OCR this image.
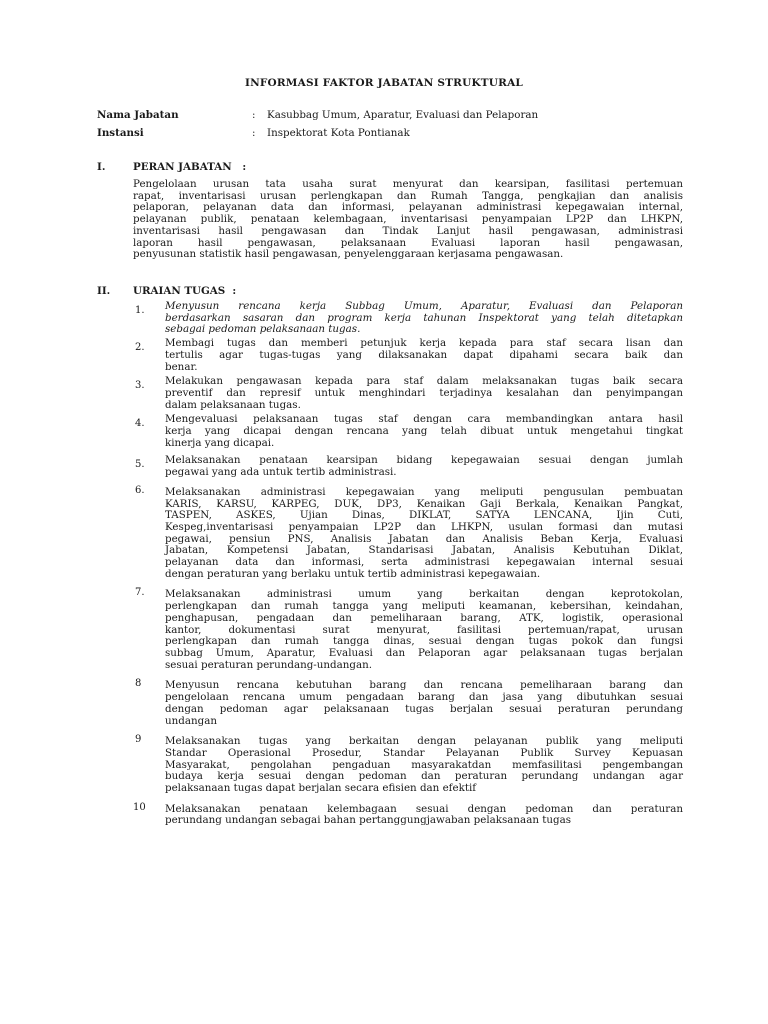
INFORMASI FAKTOR JABATAN STRUKTURAL
Nama Jabatan	: Kasubbag Umum, Aparatur, Evaluasi dan Pelaporan
Instansi	: Inspektorat Kota Pontianak
I.	PERAN JABATAN   :
Pengelolaan urusan tata usaha surat menyurat dan kearsipan, fasilitasi pertemuan
rapat, inventarisasi urusan perlengkapan dan Rumah Tangga, pengkajian dan analisis
pelaporan, pelayanan data dan informasi, pelayanan administrasi kepegawaian internal,
pelayanan publik, penataan kelembagaan, inventarisasi penyampaian LP2P dan LHKPN,
inventarisasi hasil pengawasan dan Tindak Lanjut hasil pengawasan, administrasi
laporan hasil pengawasan, pelaksanaan Evaluasi laporan hasil pengawasan,
penyusunan statistik hasil pengawasan, penyelenggaraan kerjasama pengawasan.
II. URAIAN TUGAS  :
1. Menyusun rencana kerja Subbag Umum, Aparatur, Evaluasi dan Pelaporan
berdasarkan sasaran dan program kerja tahunan Inspektorat yang telah ditetapkan
sebagai pedoman pelaksanaan tugas.
2. Membagi tugas dan memberi petunjuk kerja kepada para staf secara lisan dan
tertulis agar tugas-tugas yang dilaksanakan dapat dipahami secara baik dan
benar.
3. Melakukan pengawasan kepada para staf dalam melaksanakan tugas baik secara
preventif dan represif untuk menghindari terjadinya kesalahan dan penyimpangan
dalam pelaksanaan tugas.
4. Mengevaluasi pelaksanaan tugas staf dengan cara membandingkan antara hasil
kerja yang dicapai dengan rencana yang telah dibuat untuk mengetahui tingkat
kinerja yang dicapai.
5. Melaksanakan penataan kearsipan bidang kepegawaian sesuai dengan jumlah
pegawai yang ada untuk tertib administrasi.
6. Melaksanakan administrasi kepegawaian yang meliputi pengusulan pembuatan
KARIS, KARSU, KARPEG, DUK, DP3, Kenaikan Gaji Berkala, Kenaikan Pangkat,
TASPEN, ASKES, Ujian Dinas, DIKLAT, SATYA LENCANA, Ijin Cuti,
Kespeg,inventarisasi penyampaian LP2P dan LHKPN, usulan formasi dan mutasi
pegawai, pensiun PNS, Analisis Jabatan dan Analisis Beban Kerja, Evaluasi
Jabatan, Kompetensi Jabatan, Standarisasi Jabatan, Analisis Kebutuhan Diklat,
pelayanan data dan informasi, serta administrasi kepegawaian internal sesuai
dengan peraturan yang berlaku untuk tertib administrasi kepegawaian.
7. Melaksanakan administrasi umum yang berkaitan dengan keprotokolan,
perlengkapan dan rumah tangga yang meliputi keamanan, kebersihan, keindahan,
penghapusan, pengadaan dan pemeliharaan barang, ATK, logistik, operasional
kantor, dokumentasi surat menyurat, fasilitasi pertemuan/rapat, urusan
perlengkapan dan rumah tangga dinas, sesuai dengan tugas pokok dan fungsi
subbag Umum, Aparatur, Evaluasi dan Pelaporan agar pelaksanaan tugas berjalan
sesuai peraturan perundang-undangan.
8 Menyusun rencana kebutuhan barang dan rencana pemeliharaan barang dan
pengelolaan rencana umum pengadaan barang dan jasa yang dibutuhkan sesuai
dengan pedoman agar pelaksanaan tugas berjalan sesuai peraturan perundang
undangan
9 Melaksanakan tugas yang berkaitan dengan pelayanan publik yang meliputi
Standar Operasional Prosedur, Standar Pelayanan Publik Survey Kepuasan
Masyarakat, pengolahan pengaduan masyarakatdan memfasilitasi pengembangan
budaya kerja sesuai dengan pedoman dan peraturan perundang undangan agar
pelaksanaan tugas dapat berjalan secara efisien dan efektif
10 Melaksanakan penataan kelembagaan sesuai dengan pedoman dan peraturan
perundang undangan sebagai bahan pertanggungjawaban pelaksanaan tugas
